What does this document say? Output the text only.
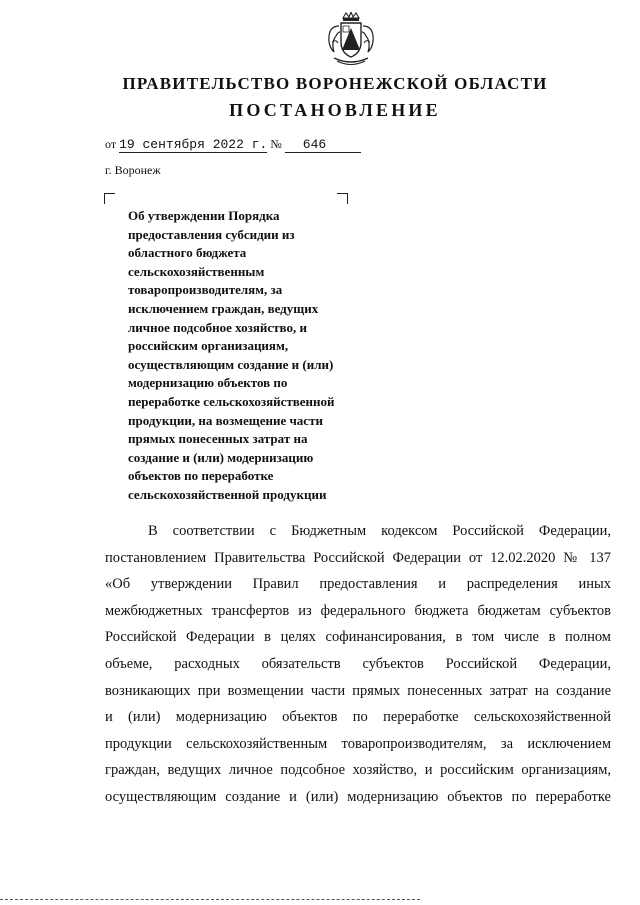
ПРАВИТЕЛЬСТВО ВОРОНЕЖСКОЙ ОБЛАСТИ
ПОСТАНОВЛЕНИЕ
от 19 сентября 2022 г. № 646
г. Воронеж

Об утверждении Порядка
предоставления субсидии из
областного бюджета
сельскохозяйственным
товаропроизводителям, за
исключением граждан, ведущих
личное подсобное хозяйство, и
российским организациям,
осуществляющим создание и (или)
модернизацию объектов по
переработке сельскохозяйственной
продукции, на возмещение части
прямых понесенных затрат на
создание и (или) модернизацию
объектов по переработке
сельскохозяйственной продукции

В соответствии с Бюджетным кодексом Российской Федерации,
постановлением Правительства Российской Федерации от 12.02.2020 № 137
«Об утверждении Правил предоставления и распределения иных
межбюджетных трансфертов из федерального бюджета бюджетам субъектов
Российской Федерации в целях софинансирования, в том числе в полном
объеме, расходных обязательств субъектов Российской Федерации,
возникающих при возмещении части прямых понесенных затрат на создание
и (или) модернизацию объектов по переработке сельскохозяйственной
продукции сельскохозяйственным товаропроизводителям, за исключением
граждан, ведущих личное подсобное хозяйство, и российским организациям,
осуществляющим создание и (или) модернизацию объектов по переработке
